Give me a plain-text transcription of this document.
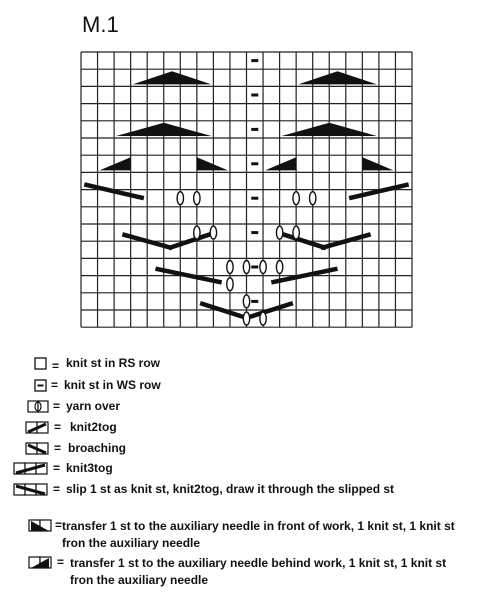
M.1
= knit st in RS row
= knit st in WS row
= yarn over
= knit2tog
= broaching
= knit3tog
= slip 1 st as knit st, knit2tog, draw it through the slipped st
= transfer 1 st to the auxiliary needle in front of work, 1 knit st, 1 knit st fron the auxiliary needle
= transfer 1 st to the auxiliary needle behind work, 1 knit st, 1 knit st fron the auxiliary needle
